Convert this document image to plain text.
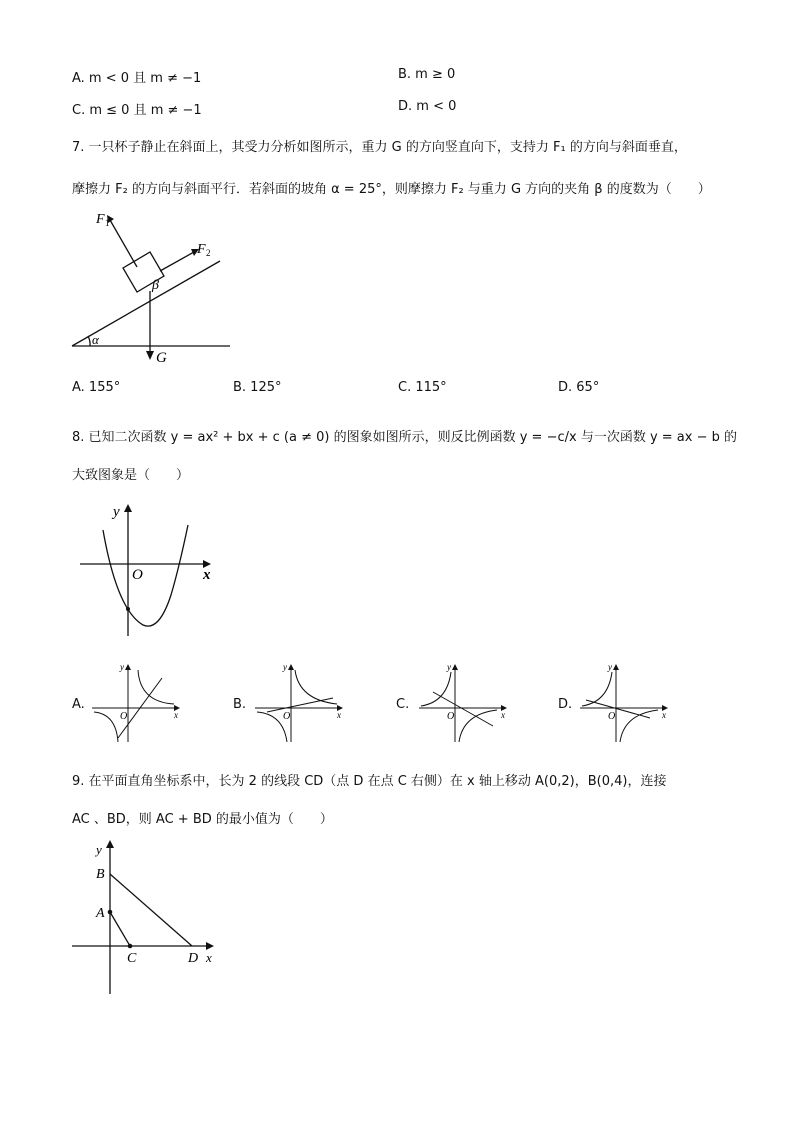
A. m < 0 且 m ≠ −1	B. m ≥ 0
C. m ≤ 0 且 m ≠ −1	D. m < 0
7. 一只杯子静止在斜面上，其受力分析如图所示，重力 G 的方向竖直向下，支持力 F₁ 的方向与斜面垂直，
摩擦力 F₂ 的方向与斜面平行．若斜面的坡角 α = 25°，则摩擦力 F₂ 与重力 G 方向的夹角 β 的度数为（　　）
F 1
F 2
β
α
G
A. 155°	B. 125°	C. 115°	D. 65°
8. 已知二次函数 y = ax² + bx + c (a ≠ 0) 的图象如图所示，则反比例函数 y = −c/x 与一次函数 y = ax − b 的
大致图象是（　　）
y
O	x
A.	B.	C.	D.
y
O	x
y
O	x
y
O	x
y
O	x
9. 在平面直角坐标系中，长为 2 的线段 CD（点 D 在点 C 右侧）在 x 轴上移动 A(0,2)，B(0,4)，连接
AC 、BD，则 AC + BD 的最小值为（　　）
y
B
A
C	D x
